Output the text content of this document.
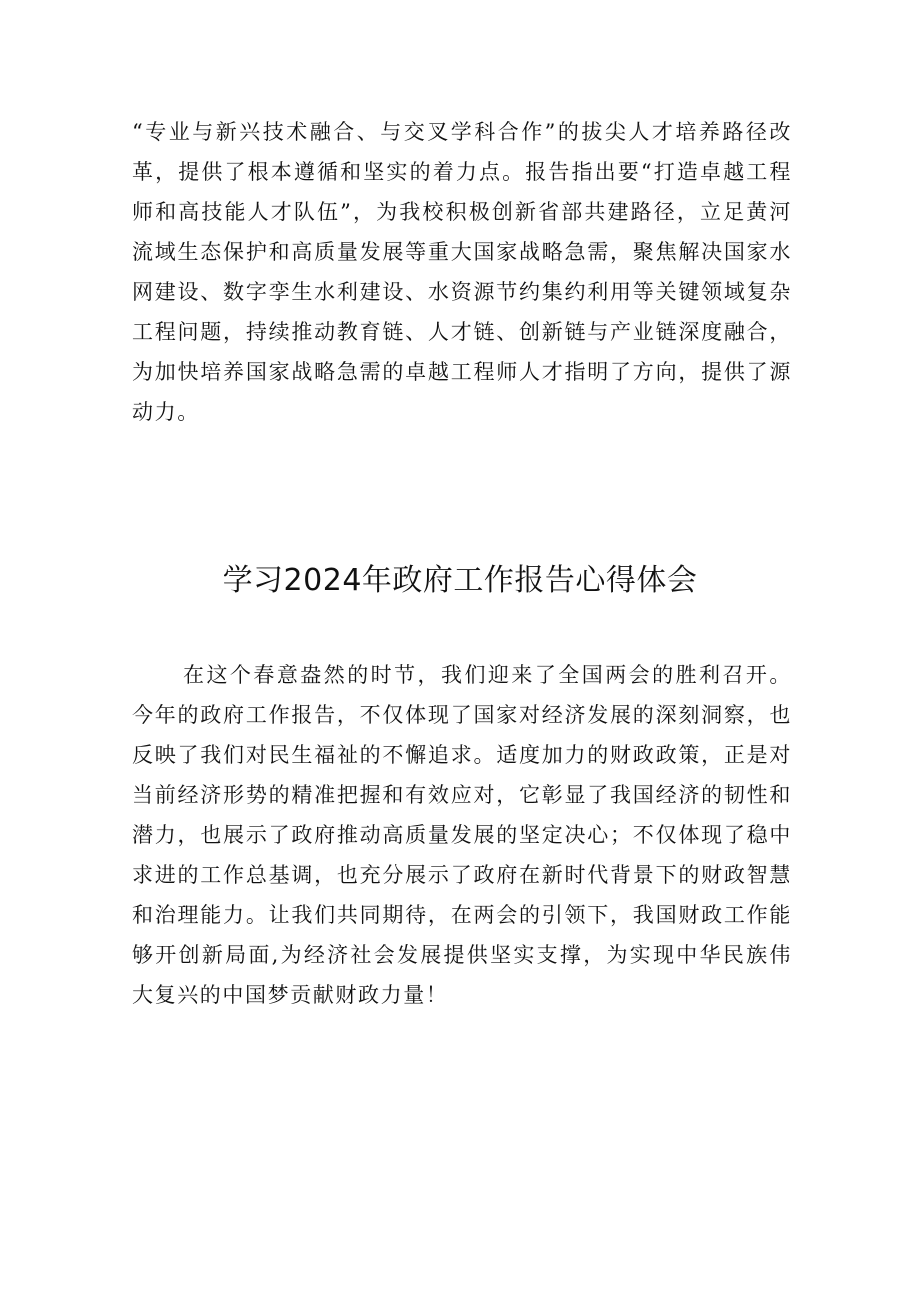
“专业与新兴技术融合、与交叉学科合作”的拔尖人才培养路径改革，提供了根本遵循和坚实的着力点。报告指出要“打造卓越工程师和高技能人才队伍”，为我校积极创新省部共建路径，立足黄河流域生态保护和高质量发展等重大国家战略急需，聚焦解决国家水网建设、数字孪生水利建设、水资源节约集约利用等关键领域复杂工程问题，持续推动教育链、人才链、创新链与产业链深度融合，为加快培养国家战略急需的卓越工程师人才指明了方向，提供了源动力。

学习2024年政府工作报告心得体会

在这个春意盎然的时节，我们迎来了全国两会的胜利召开。今年的政府工作报告，不仅体现了国家对经济发展的深刻洞察，也反映了我们对民生福祉的不懈追求。适度加力的财政政策，正是对当前经济形势的精准把握和有效应对，它彰显了我国经济的韧性和潜力，也展示了政府推动高质量发展的坚定决心；不仅体现了稳中求进的工作总基调，也充分展示了政府在新时代背景下的财政智慧和治理能力。让我们共同期待，在两会的引领下，我国财政工作能够开创新局面,为经济社会发展提供坚实支撑，为实现中华民族伟大复兴的中国梦贡献财政力量！
